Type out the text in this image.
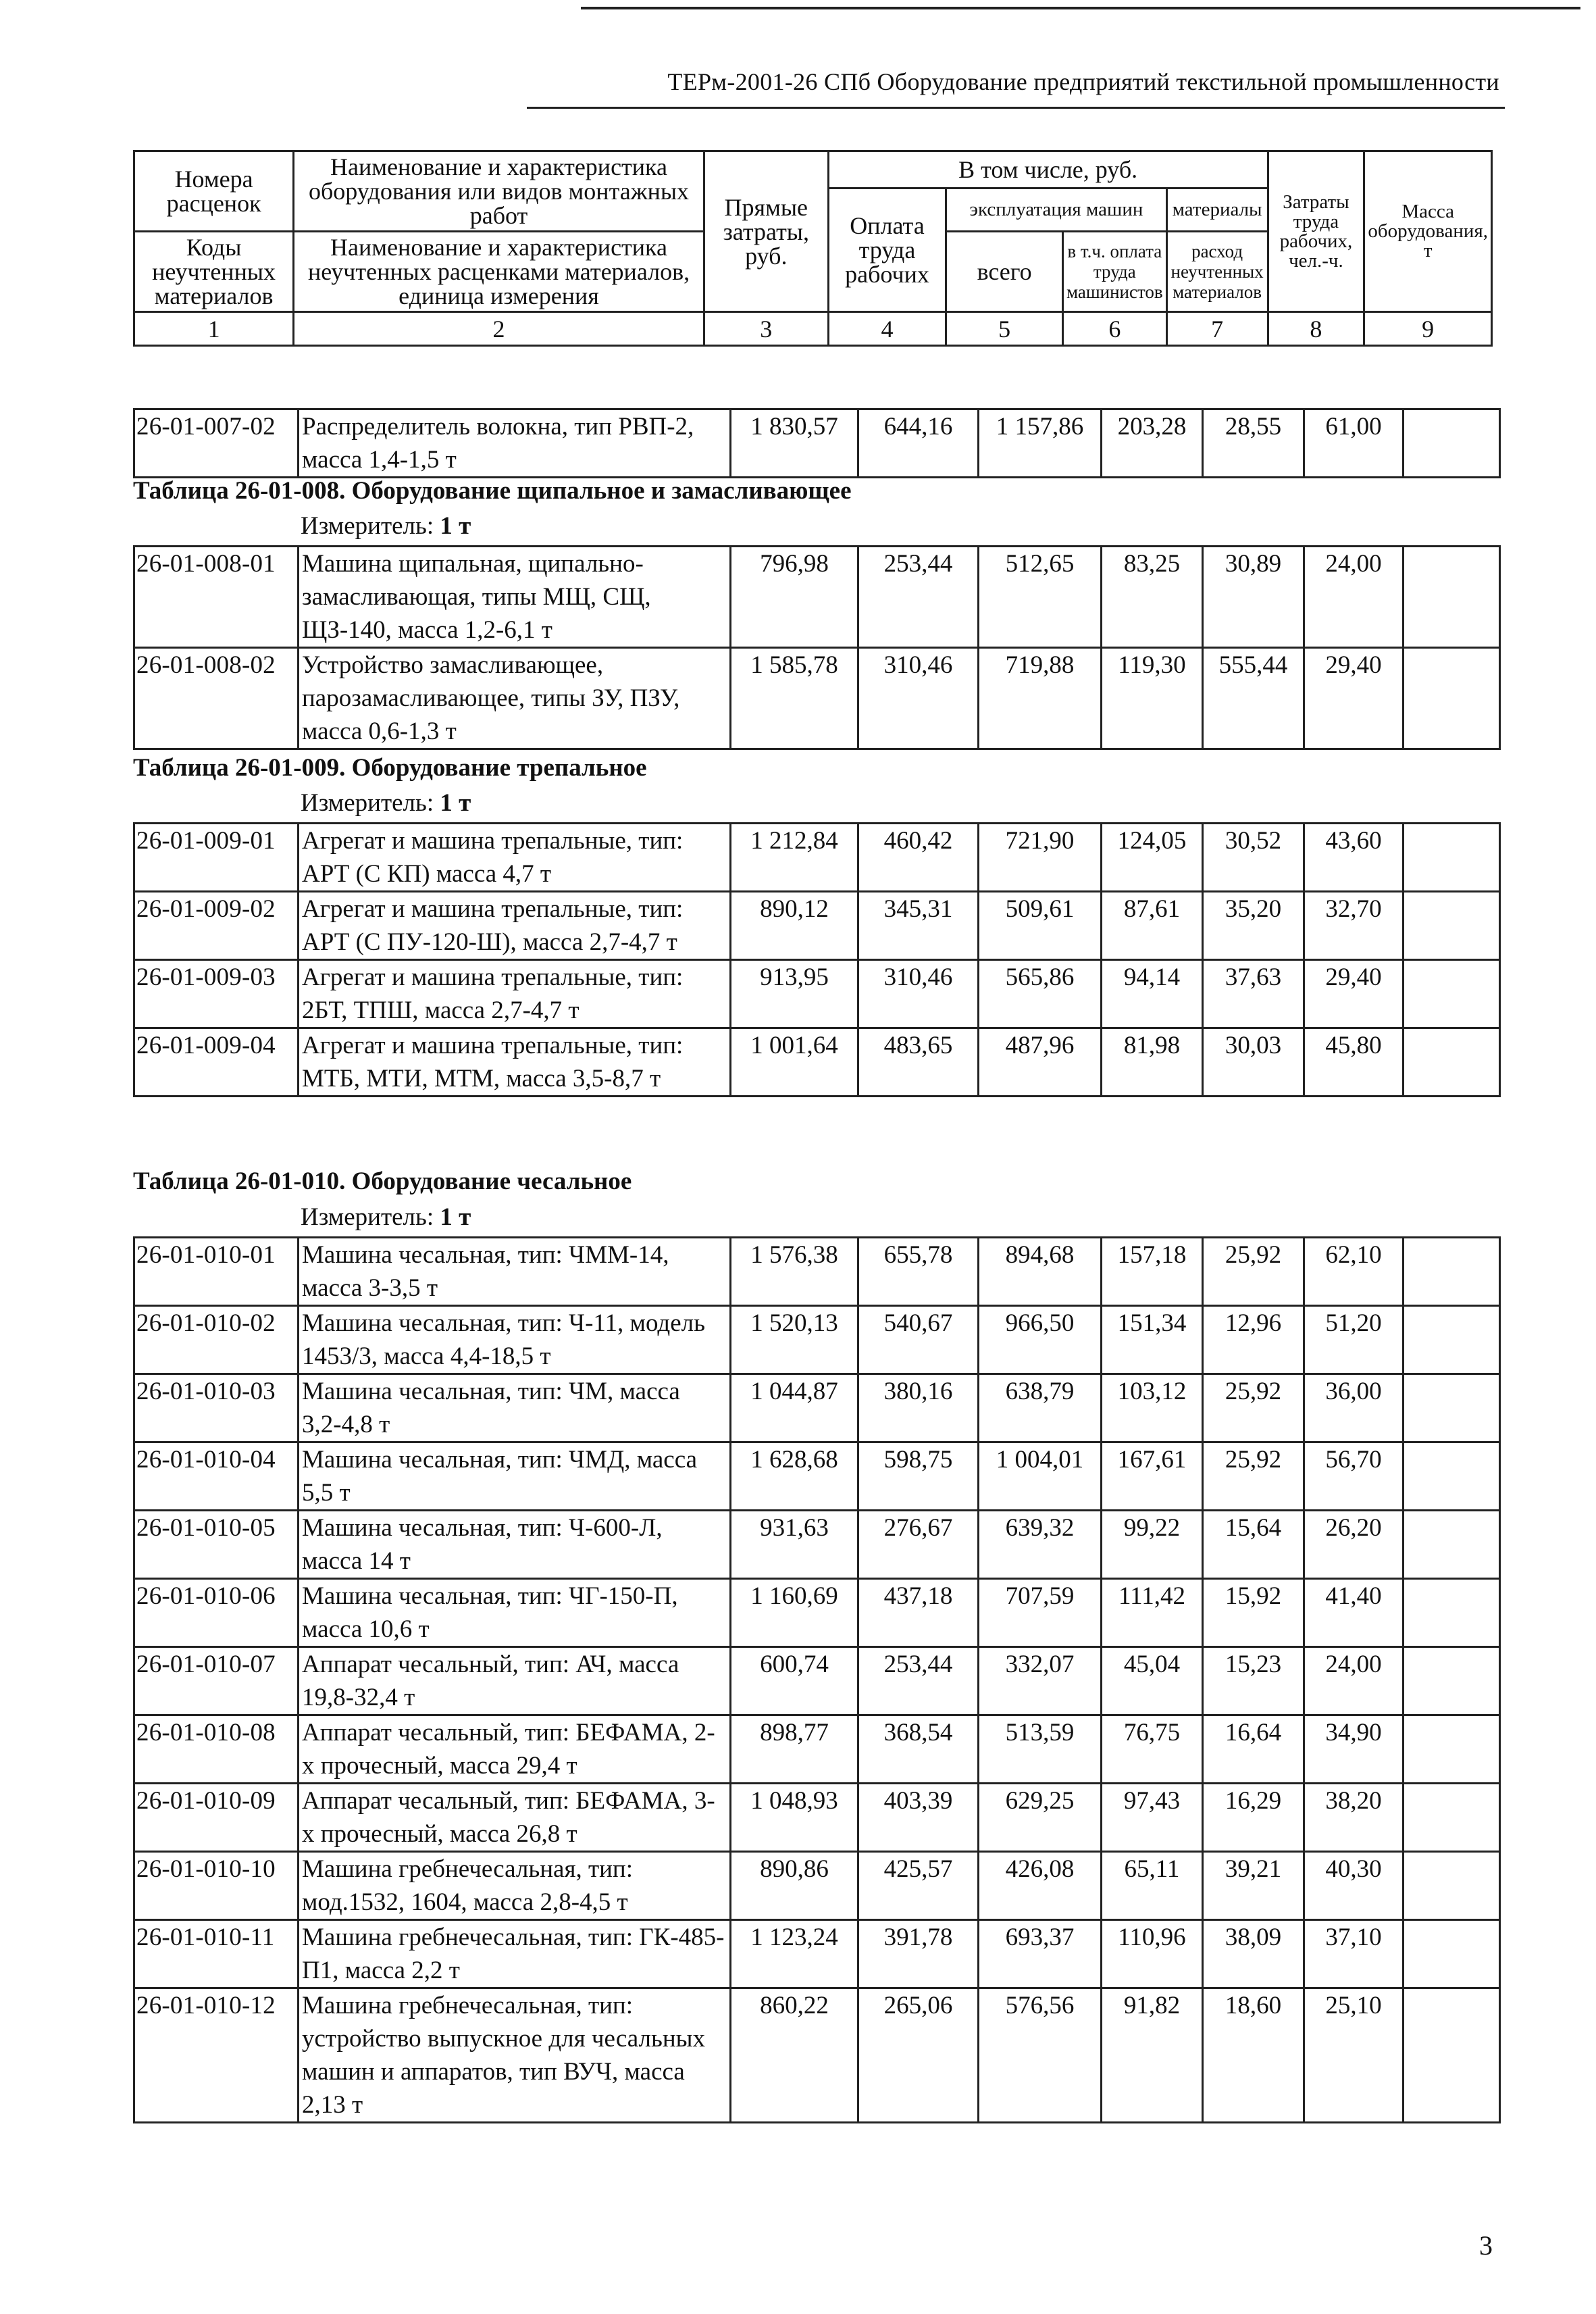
ТЕРм-2001-26 СПб Оборудование предприятий текстильной промышленности
Номера расценок	Наименование и характеристика оборудования или видов монтажных работ	Прямые затраты, руб.	В том числе, руб.				Затраты труда рабочих, чел.-ч.	Масса оборудования, т
			Оплата труда рабочих	эксплуатация машин		материалы		
Коды неучтенных материалов	Наименование и характеристика неучтенных расценками материалов, единица измерения			всего	в т.ч. оплата труда машинистов	расход неучтенных материалов		

1	2	3	4	5	6	7	8	9
26-01-007-02	Распределитель волокна, тип РВП-2, масса 1,4-1,5 т	1 830,57	644,16	1 157,86	203,28	28,55	61,00	
Таблица 26-01-008. Оборудование щипальное и замасливающее
Измеритель: 1 т
26-01-008-01	Машина щипальная, щипально-замасливающая, типы МЩ, СЩ, ЩЗ-140, масса 1,2-6,1 т	796,98	253,44	512,65	83,25	30,89	24,00	
26-01-008-02	Устройство замасливающее, парозамасливающее, типы ЗУ, ПЗУ, масса 0,6-1,3 т	1 585,78	310,46	719,88	119,30	555,44	29,40	
Таблица 26-01-009. Оборудование трепальное
Измеритель: 1 т
26-01-009-01	Агрегат и машина трепальные, тип: АРТ (С КП) масса 4,7 т	1 212,84	460,42	721,90	124,05	30,52	43,60	
26-01-009-02	Агрегат и машина трепальные, тип: АРТ (С ПУ-120-Ш), масса 2,7-4,7 т	890,12	345,31	509,61	87,61	35,20	32,70	
26-01-009-03	Агрегат и машина трепальные, тип: 2БТ, ТПШ, масса 2,7-4,7 т	913,95	310,46	565,86	94,14	37,63	29,40	
26-01-009-04	Агрегат и машина трепальные, тип: МТБ, МТИ, МТМ, масса 3,5-8,7 т	1 001,64	483,65	487,96	81,98	30,03	45,80	
Таблица 26-01-010. Оборудование чесальное
Измеритель: 1 т
26-01-010-01	Машина чесальная, тип: ЧММ-14, масса 3-3,5 т	1 576,38	655,78	894,68	157,18	25,92	62,10	
26-01-010-02	Машина чесальная, тип: Ч-11, модель 1453/3, масса 4,4-18,5 т	1 520,13	540,67	966,50	151,34	12,96	51,20	
26-01-010-03	Машина чесальная, тип: ЧМ, масса 3,2-4,8 т	1 044,87	380,16	638,79	103,12	25,92	36,00	
26-01-010-04	Машина чесальная, тип: ЧМД, масса 5,5 т	1 628,68	598,75	1 004,01	167,61	25,92	56,70	
26-01-010-05	Машина чесальная, тип: Ч-600-Л, масса 14 т	931,63	276,67	639,32	99,22	15,64	26,20	
26-01-010-06	Машина чесальная, тип: ЧГ-150-П, масса 10,6 т	1 160,69	437,18	707,59	111,42	15,92	41,40	
26-01-010-07	Аппарат чесальный, тип: АЧ, масса 19,8-32,4 т	600,74	253,44	332,07	45,04	15,23	24,00	
26-01-010-08	Аппарат чесальный, тип: БЕФАМА, 2-х прочесный, масса 29,4 т	898,77	368,54	513,59	76,75	16,64	34,90	
26-01-010-09	Аппарат чесальный, тип: БЕФАМА, 3-х прочесный, масса 26,8 т	1 048,93	403,39	629,25	97,43	16,29	38,20	
26-01-010-10	Машина гребнечесальная, тип: мод.1532, 1604, масса 2,8-4,5 т	890,86	425,57	426,08	65,11	39,21	40,30	
26-01-010-11	Машина гребнечесальная, тип: ГК-485-П1, масса 2,2 т	1 123,24	391,78	693,37	110,96	38,09	37,10	
26-01-010-12	Машина гребнечесальная, тип: устройство выпускное для чесальных машин и аппаратов, тип ВУЧ, масса 2,13 т	860,22	265,06	576,56	91,82	18,60	25,10	
3
